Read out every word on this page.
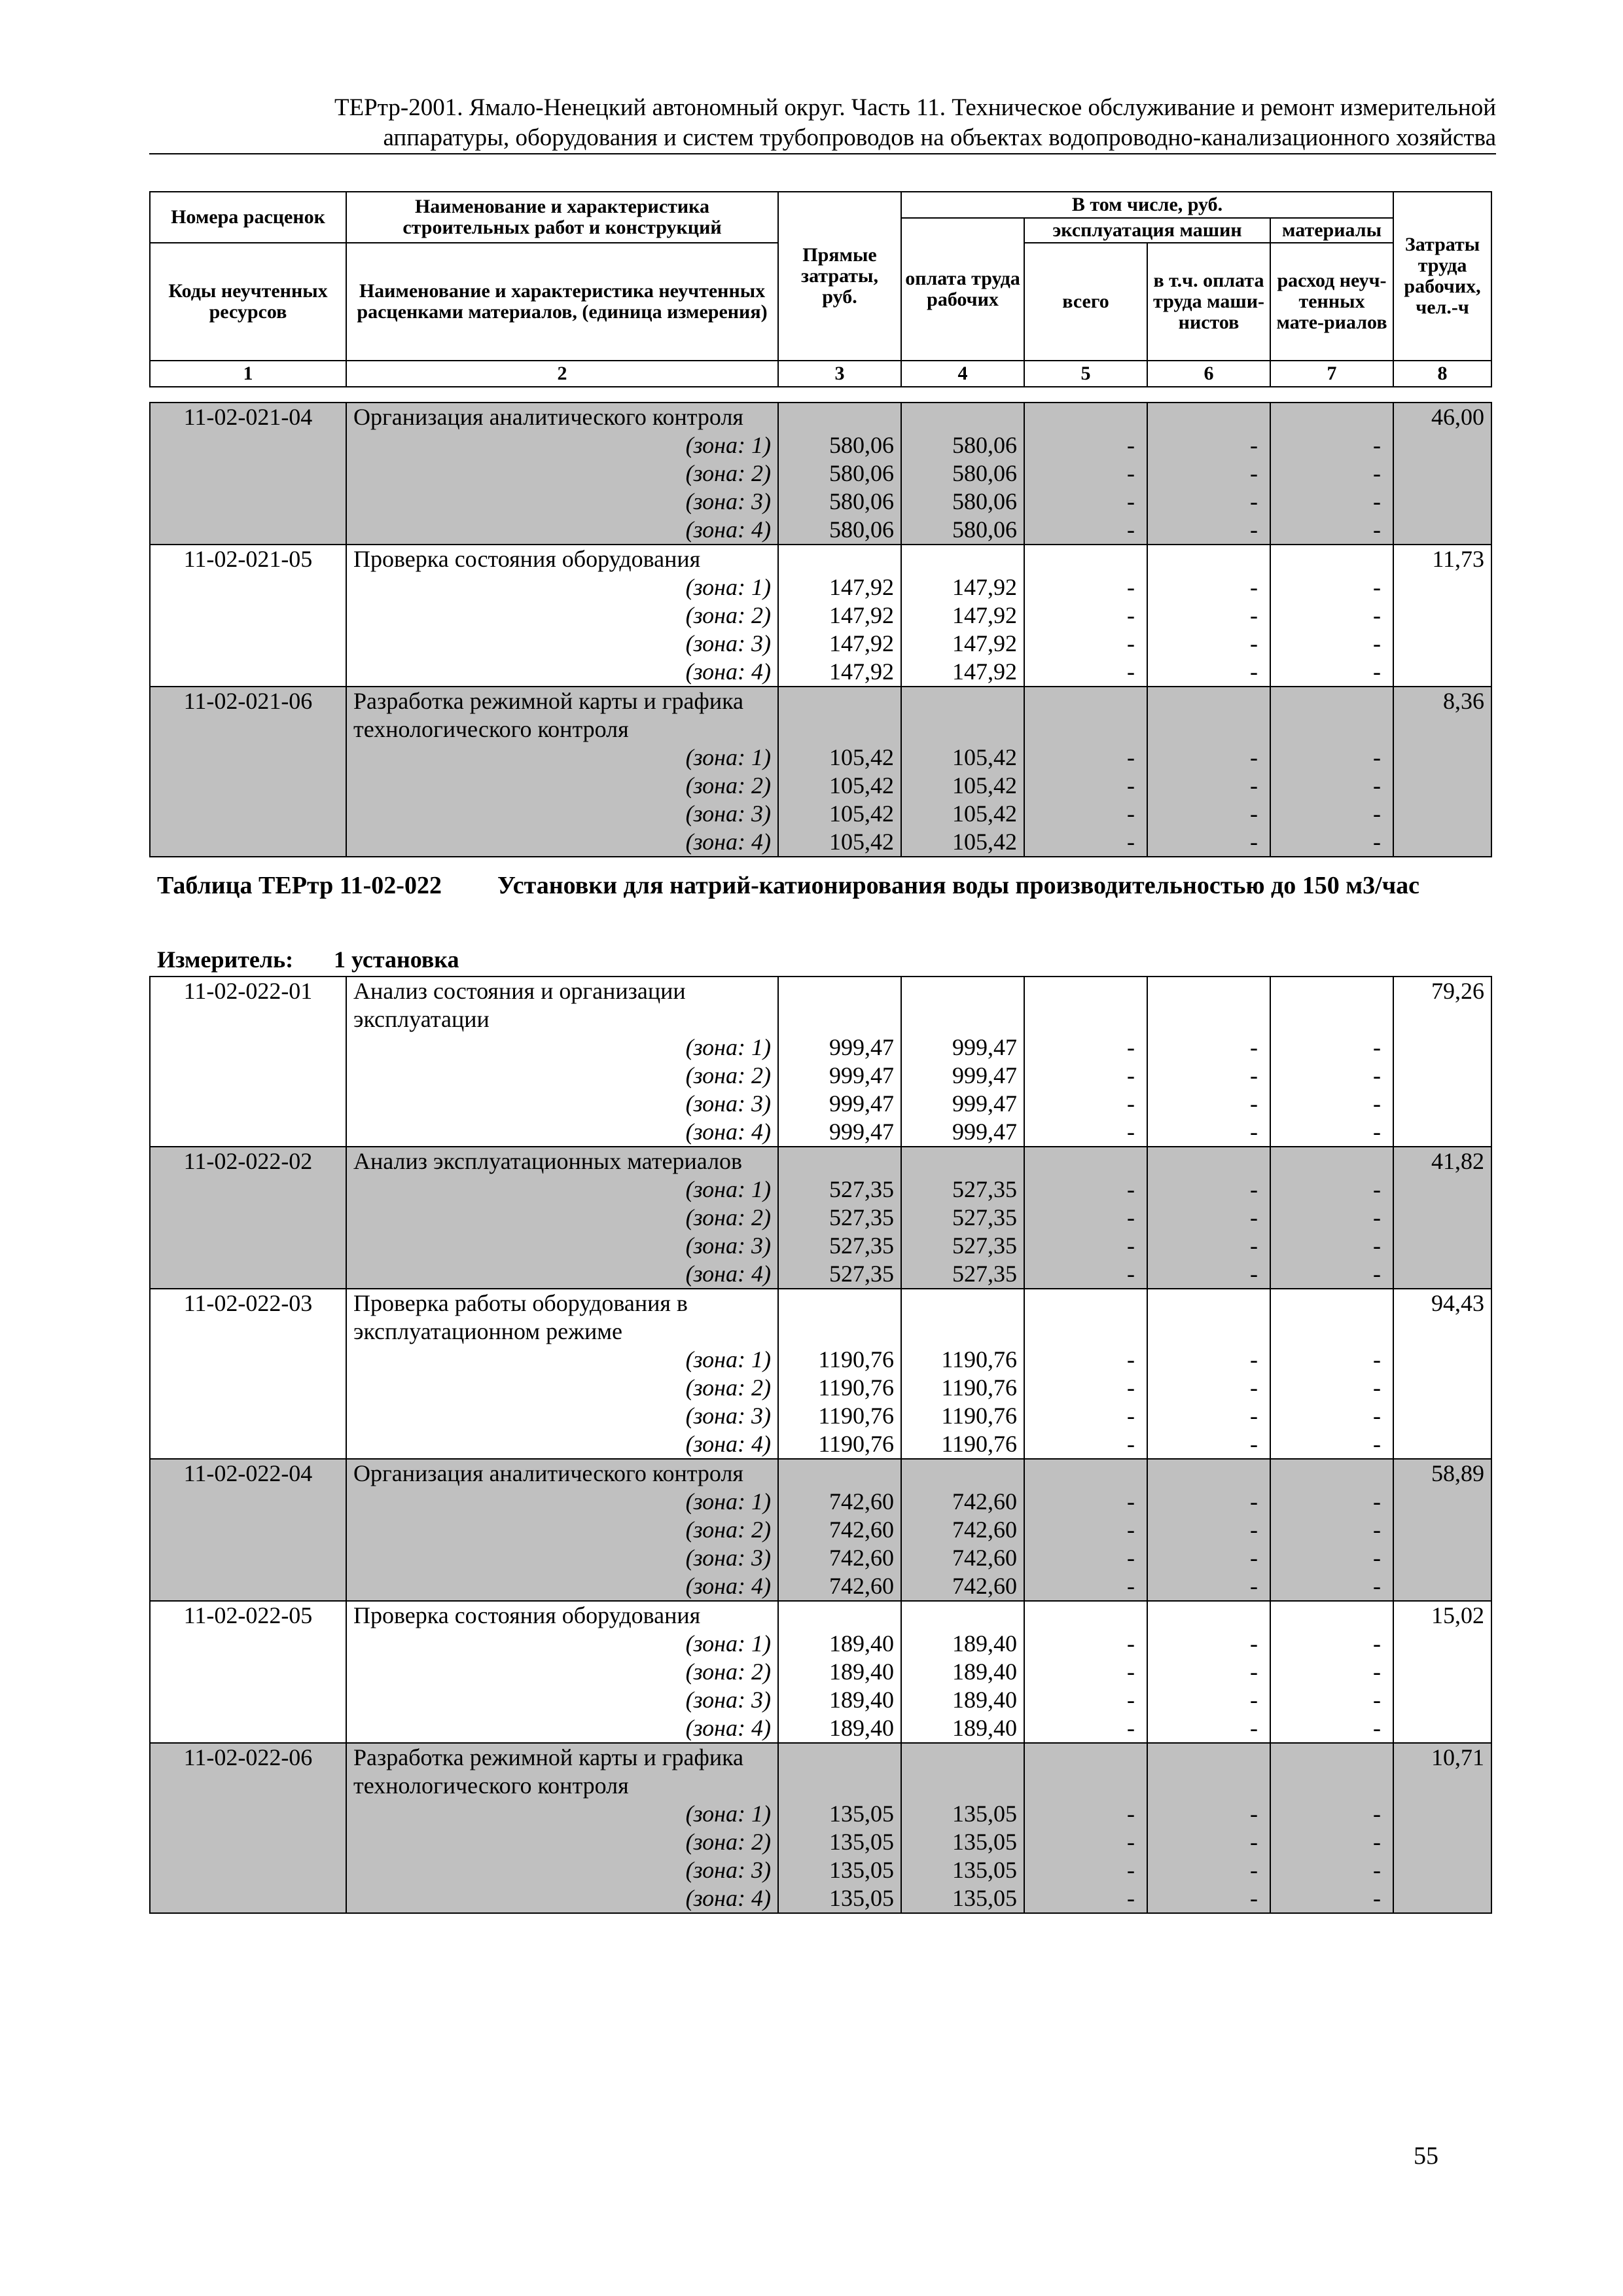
ТЕРтр-2001. Ямало-Ненецкий автономный округ. Часть 11. Техническое обслуживание и ремонт измерительной
аппаратуры, оборудования и систем трубопроводов на объектах водопроводно-канализационного хозяйства
Номера расценок	Наименование и характеристика строительных работ и конструкций	Прямые затраты, руб.	В том числе, руб.				Затраты труда рабочих, чел.-ч
			оплата труда рабочих	эксплуатация машин		материалы	
Коды неучтенных ресурсов	Наименование и характеристика неучтенных расценками материалов, (единица измерения)			всего	в т.ч. оплата труда маши-нистов	расход неуч-тенных мате-риалов	

1	2	3	4	5	6	7	8
11-02-021-04	Организация аналитического контроля						46,00
	(зона: 1)	580,06	580,06	-	-	-	
	(зона: 2)	580,06	580,06	-	-	-	
	(зона: 3)	580,06	580,06	-	-	-	
	(зона: 4)	580,06	580,06	-	-	-	
11-02-021-05	Проверка состояния оборудования						11,73
	(зона: 1)	147,92	147,92	-	-	-	
	(зона: 2)	147,92	147,92	-	-	-	
	(зона: 3)	147,92	147,92	-	-	-	
	(зона: 4)	147,92	147,92	-	-	-	
11-02-021-06	Разработка режимной карты и графика						8,36
	технологического контроля						
	(зона: 1)	105,42	105,42	-	-	-	
	(зона: 2)	105,42	105,42	-	-	-	
	(зона: 3)	105,42	105,42	-	-	-	
	(зона: 4)	105,42	105,42	-	-	-	
Таблица ТЕРтр 11-02-022 Установки для натрий-катионирования воды производительностью до 150 м3/час
Измеритель: 1 установка
11-02-022-01	Анализ состояния и организации						79,26
	эксплуатации						
	(зона: 1)	999,47	999,47	-	-	-	
	(зона: 2)	999,47	999,47	-	-	-	
	(зона: 3)	999,47	999,47	-	-	-	
	(зона: 4)	999,47	999,47	-	-	-	
11-02-022-02	Анализ эксплуатационных материалов						41,82
	(зона: 1)	527,35	527,35	-	-	-	
	(зона: 2)	527,35	527,35	-	-	-	
	(зона: 3)	527,35	527,35	-	-	-	
	(зона: 4)	527,35	527,35	-	-	-	
11-02-022-03	Проверка работы оборудования в						94,43
	эксплуатационном режиме						
	(зона: 1)	1190,76	1190,76	-	-	-	
	(зона: 2)	1190,76	1190,76	-	-	-	
	(зона: 3)	1190,76	1190,76	-	-	-	
	(зона: 4)	1190,76	1190,76	-	-	-	
11-02-022-04	Организация аналитического контроля						58,89
	(зона: 1)	742,60	742,60	-	-	-	
	(зона: 2)	742,60	742,60	-	-	-	
	(зона: 3)	742,60	742,60	-	-	-	
	(зона: 4)	742,60	742,60	-	-	-	
11-02-022-05	Проверка состояния оборудования						15,02
	(зона: 1)	189,40	189,40	-	-	-	
	(зона: 2)	189,40	189,40	-	-	-	
	(зона: 3)	189,40	189,40	-	-	-	
	(зона: 4)	189,40	189,40	-	-	-	
11-02-022-06	Разработка режимной карты и графика						10,71
	технологического контроля						
	(зона: 1)	135,05	135,05	-	-	-	
	(зона: 2)	135,05	135,05	-	-	-	
	(зона: 3)	135,05	135,05	-	-	-	
	(зона: 4)	135,05	135,05	-	-	-	
55
